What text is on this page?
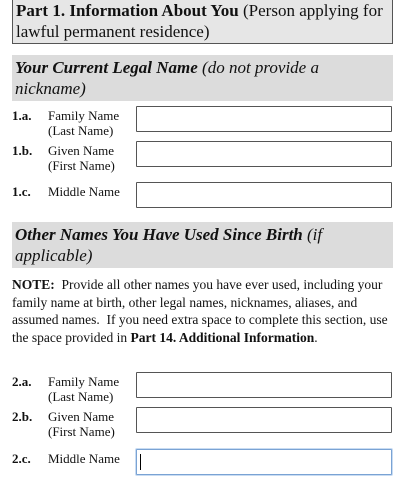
Part 1. Information About You (Person applying for lawful permanent residence)
Your Current Legal Name (do not provide a nickname)
1.a. Family Name
(Last Name)
1.b. Given Name
(First Name)
1.c. Middle Name
Other Names You Have Used Since Birth (if applicable)
NOTE:  Provide all other names you have ever used, including your family name at birth, other legal names, nicknames, aliases, and assumed names.  If you need extra space to complete this section, use the space provided in Part 14. Additional Information.
2.a. Family Name
(Last Name)
2.b. Given Name
(First Name)
2.c. Middle Name
